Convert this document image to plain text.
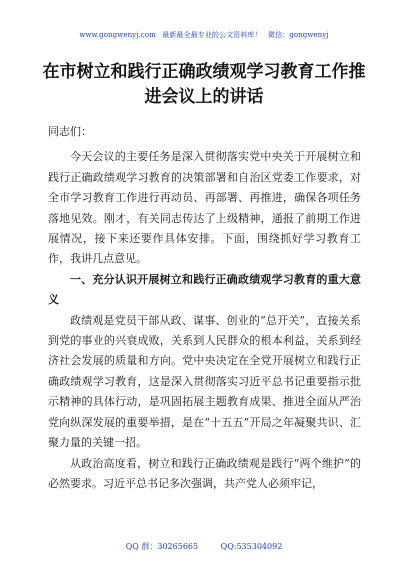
www.gongwenyj.com 最新最全最专业的公文资料库！ 微信：gongwenyj
在市树立和践行正确政绩观学习教育工作推进会议上的讲话

同志们：

今天会议的主要任务是深入贯彻落实党中央关于开展树立和践行正确政绩观学习教育的决策部署和自治区党委工作要求，对全市学习教育工作进行再动员、再部署、再推进，确保各项任务落地见效。刚才，有关同志传达了上级精神，通报了前期工作进展情况，接下来还要作具体安排。下面，围绕抓好学习教育工作，我讲几点意见。

一、充分认识开展树立和践行正确政绩观学习教育的重大意义

政绩观是党员干部从政、谋事、创业的“总开关”，直接关系到党的事业的兴衰成败，关系到人民群众的根本利益，关系到经济社会发展的质量和方向。党中央决定在全党开展树立和践行正确政绩观学习教育，这是深入贯彻落实习近平总书记重要指示批示精神的具体行动，是巩固拓展主题教育成果、推进全面从严治党向纵深发展的重要举措，是在“十五五”开局之年凝聚共识、汇聚力量的关键一招。

从政治高度看，树立和践行正确政绩观是践行“两个维护”的必然要求。习近平总书记多次强调，共产党人必须牢记，

QQ 群：30265665	QQ:535304092
